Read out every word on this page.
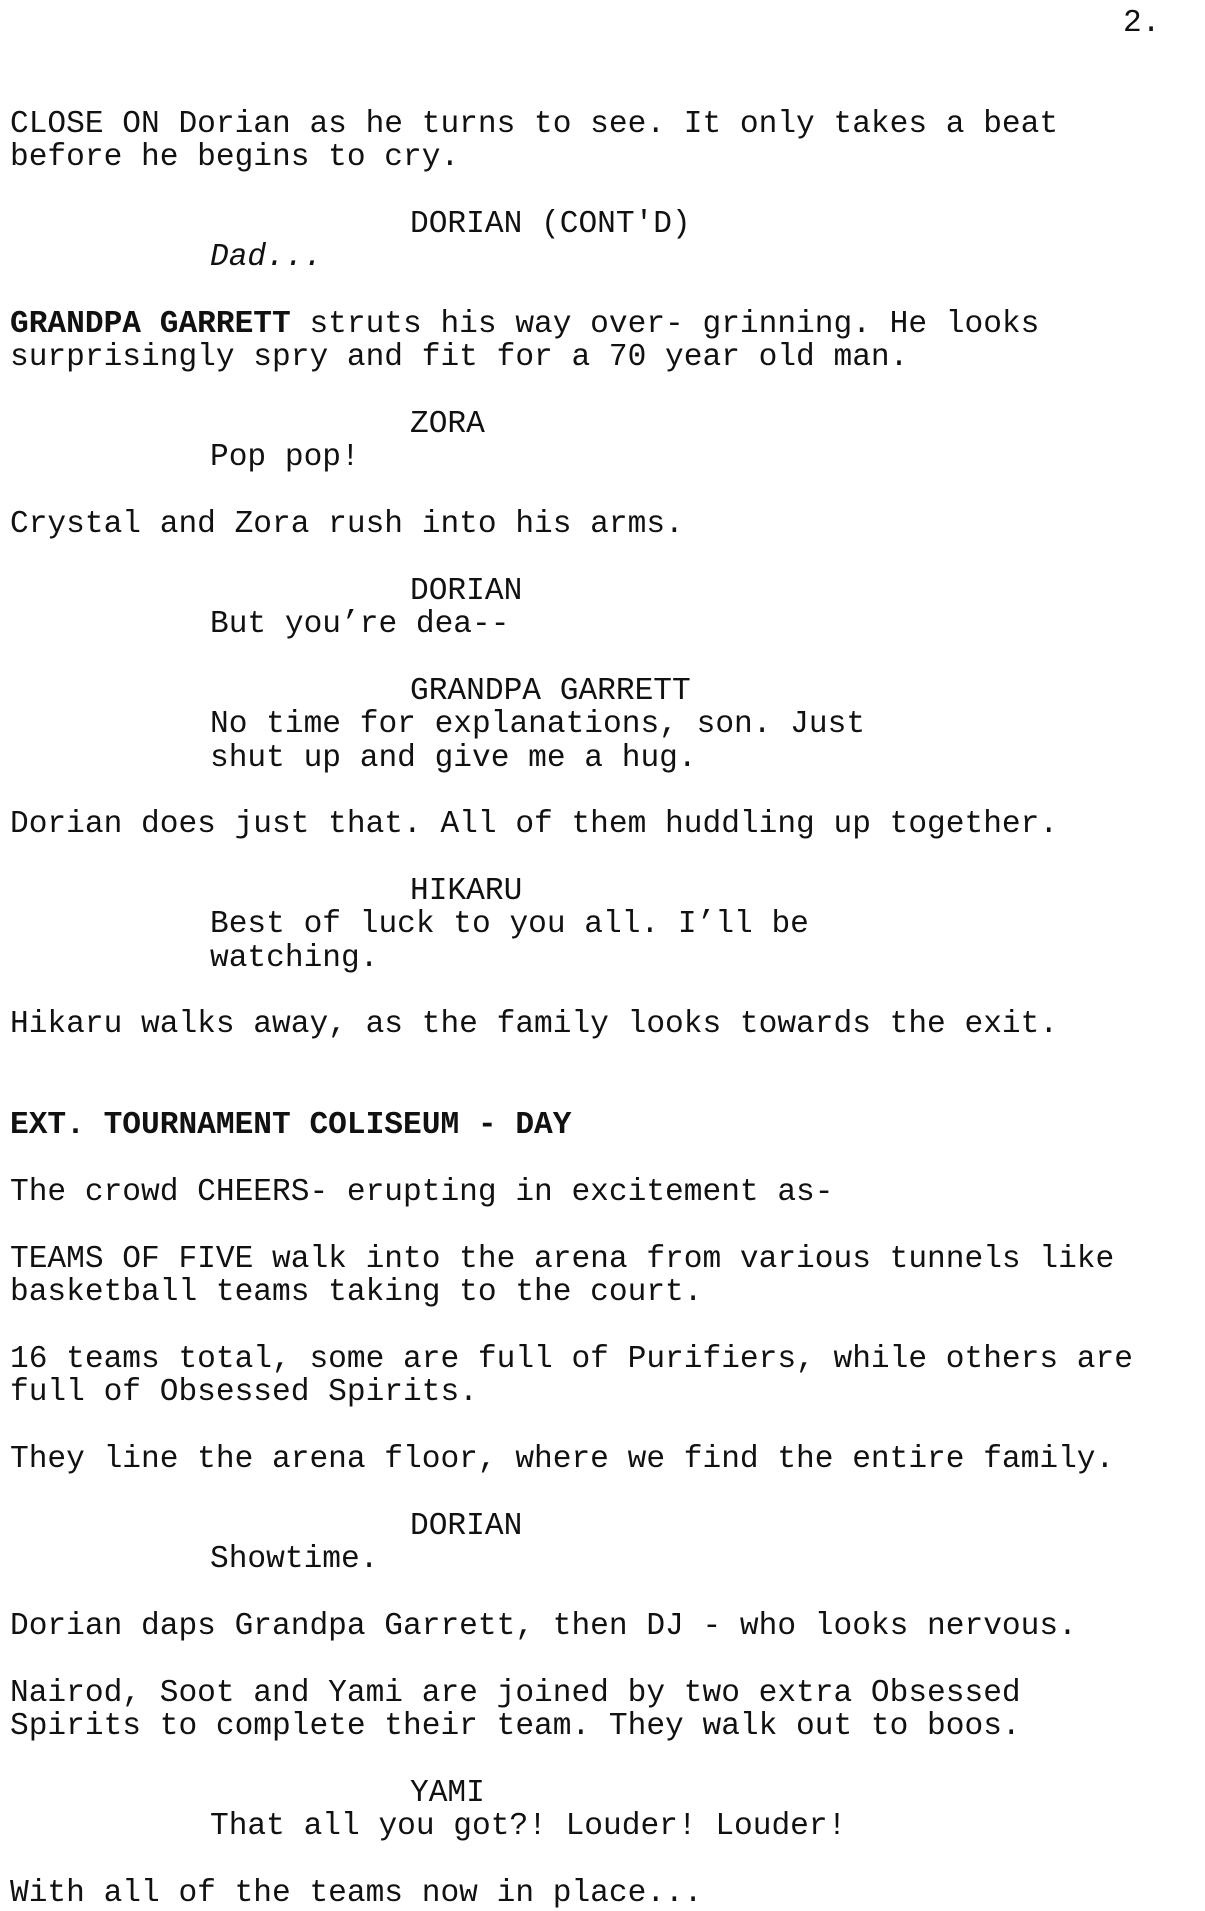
2.
CLOSE ON Dorian as he turns to see. It only takes a beat
before he begins to cry.
DORIAN (CONT'D)
Dad...
GRANDPA GARRETT struts his way over- grinning. He looks
surprisingly spry and fit for a 70 year old man.
ZORA
Pop pop!
Crystal and Zora rush into his arms.
DORIAN
But you’re dea--
GRANDPA GARRETT
No time for explanations, son. Just
shut up and give me a hug.
Dorian does just that. All of them huddling up together.
HIKARU
Best of luck to you all. I’ll be
watching.
Hikaru walks away, as the family looks towards the exit.
EXT. TOURNAMENT COLISEUM - DAY
The crowd CHEERS- erupting in excitement as-
TEAMS OF FIVE walk into the arena from various tunnels like
basketball teams taking to the court.
16 teams total, some are full of Purifiers, while others are
full of Obsessed Spirits.
They line the arena floor, where we find the entire family.
DORIAN
Showtime.
Dorian daps Grandpa Garrett, then DJ - who looks nervous.
Nairod, Soot and Yami are joined by two extra Obsessed
Spirits to complete their team. They walk out to boos.
YAMI
That all you got?! Louder! Louder!
With all of the teams now in place...
